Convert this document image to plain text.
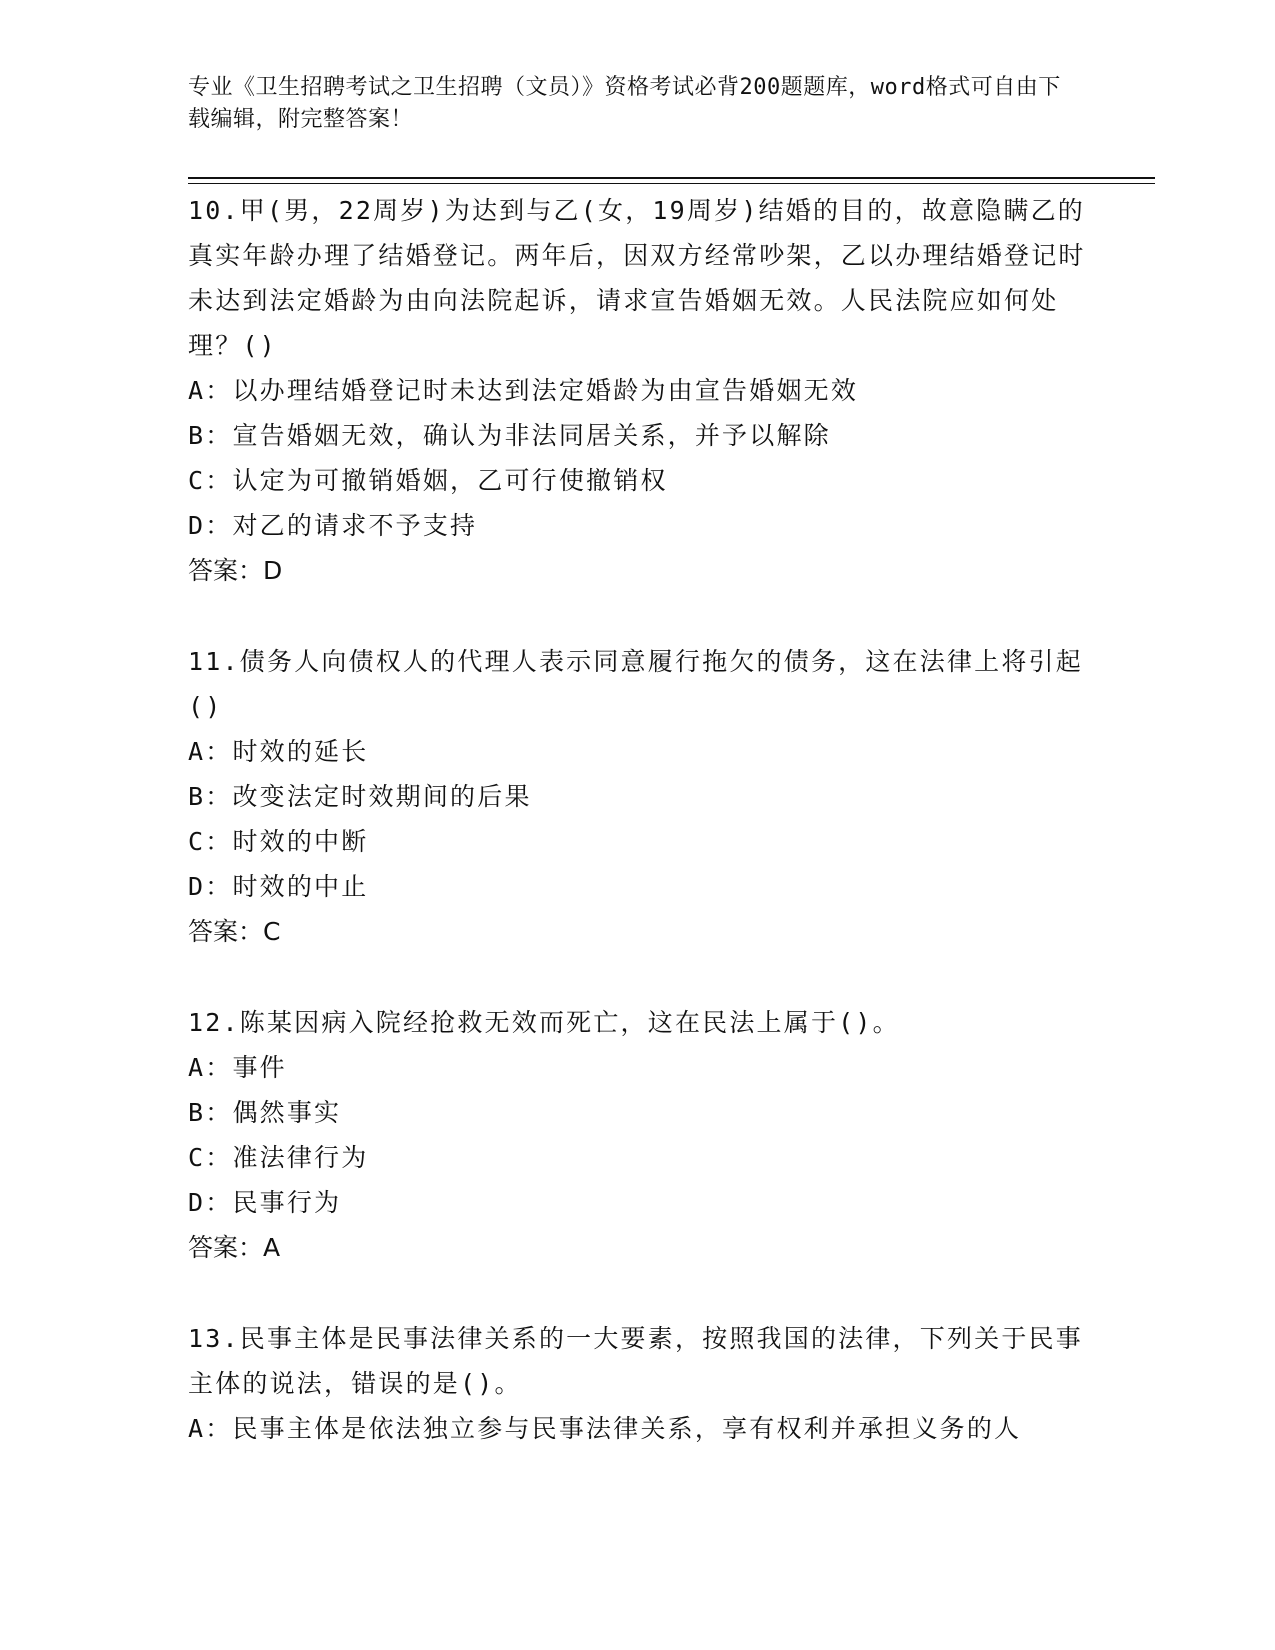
专业《卫生招聘考试之卫生招聘（文员）》资格考试必背200题题库，word格式可自由下载编辑，附完整答案！
10.甲(男，22周岁)为达到与乙(女，19周岁)结婚的目的，故意隐瞒乙的真实年龄办理了结婚登记。两年后，因双方经常吵架，乙以办理结婚登记时未达到法定婚龄为由向法院起诉，请求宣告婚姻无效。人民法院应如何处理？()
A：以办理结婚登记时未达到法定婚龄为由宣告婚姻无效
B：宣告婚姻无效，确认为非法同居关系，并予以解除
C：认定为可撤销婚姻，乙可行使撤销权
D：对乙的请求不予支持
答案：D
11.债务人向债权人的代理人表示同意履行拖欠的债务，这在法律上将引起()
A：时效的延长
B：改变法定时效期间的后果
C：时效的中断
D：时效的中止
答案：C
12.陈某因病入院经抢救无效而死亡，这在民法上属于()。
A：事件
B：偶然事实
C：准法律行为
D：民事行为
答案：A
13.民事主体是民事法律关系的一大要素，按照我国的法律，下列关于民事主体的说法，错误的是()。
A：民事主体是依法独立参与民事法律关系，享有权利并承担义务的人
